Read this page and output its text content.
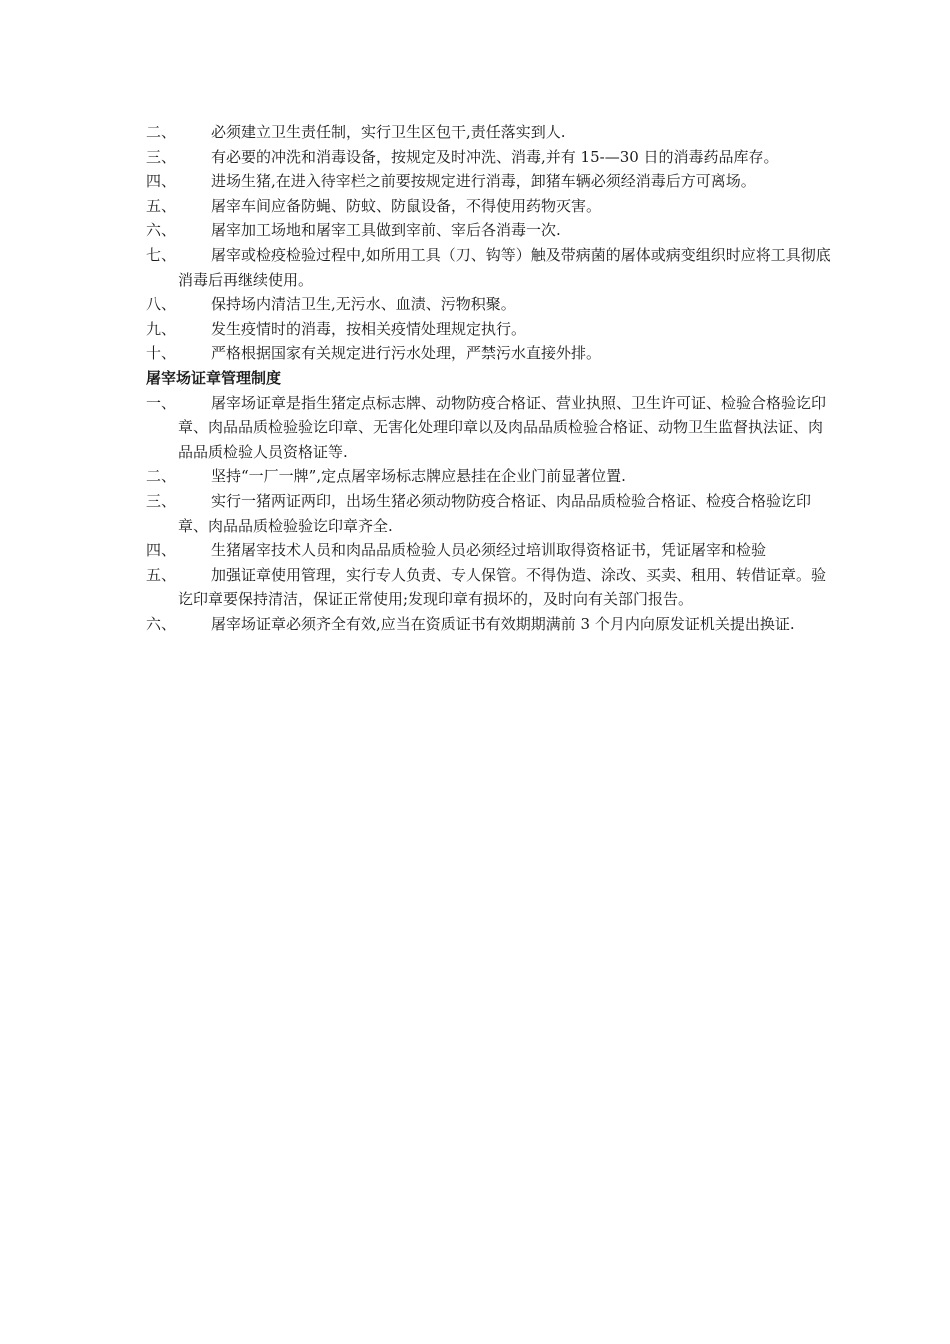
二、	必须建立卫生责任制，实行卫生区包干,责任落实到人.

三、	有必要的冲洗和消毒设备，按规定及时冲洗、消毒,并有 15-—30 日的消毒药品库存。

四、	进场生猪,在进入待宰栏之前要按规定进行消毒，卸猪车辆必须经消毒后方可离场。

五、	屠宰车间应备防蝇、防蚊、防鼠设备，不得使用药物灭害。

六、	屠宰加工场地和屠宰工具做到宰前、宰后各消毒一次.

七、	屠宰或检疫检验过程中,如所用工具（刀、钩等）触及带病菌的屠体或病变组织时应将工具彻底消毒后再继续使用。

八、	保持场内清洁卫生,无污水、血渍、污物积聚。

九、	发生疫情时的消毒，按相关疫情处理规定执行。

十、	严格根据国家有关规定进行污水处理，严禁污水直接外排。

屠宰场证章管理制度

一、	屠宰场证章是指生猪定点标志牌、动物防疫合格证、营业执照、卫生许可证、检验合格验讫印章、肉品品质检验验讫印章、无害化处理印章以及肉品品质检验合格证、动物卫生监督执法证、肉品品质检验人员资格证等.

二、	坚持“一厂一牌”,定点屠宰场标志牌应悬挂在企业门前显著位置.

三、	实行一猪两证两印，出场生猪必须动物防疫合格证、肉品品质检验合格证、检疫合格验讫印章、肉品品质检验验讫印章齐全.

四、	生猪屠宰技术人员和肉品品质检验人员必须经过培训取得资格证书，凭证屠宰和检验

五、	加强证章使用管理，实行专人负责、专人保管。不得伪造、涂改、买卖、租用、转借证章。验讫印章要保持清洁，保证正常使用;发现印章有损坏的，及时向有关部门报告。

六、	屠宰场证章必须齐全有效,应当在资质证书有效期期满前 3 个月内向原发证机关提出换证.
